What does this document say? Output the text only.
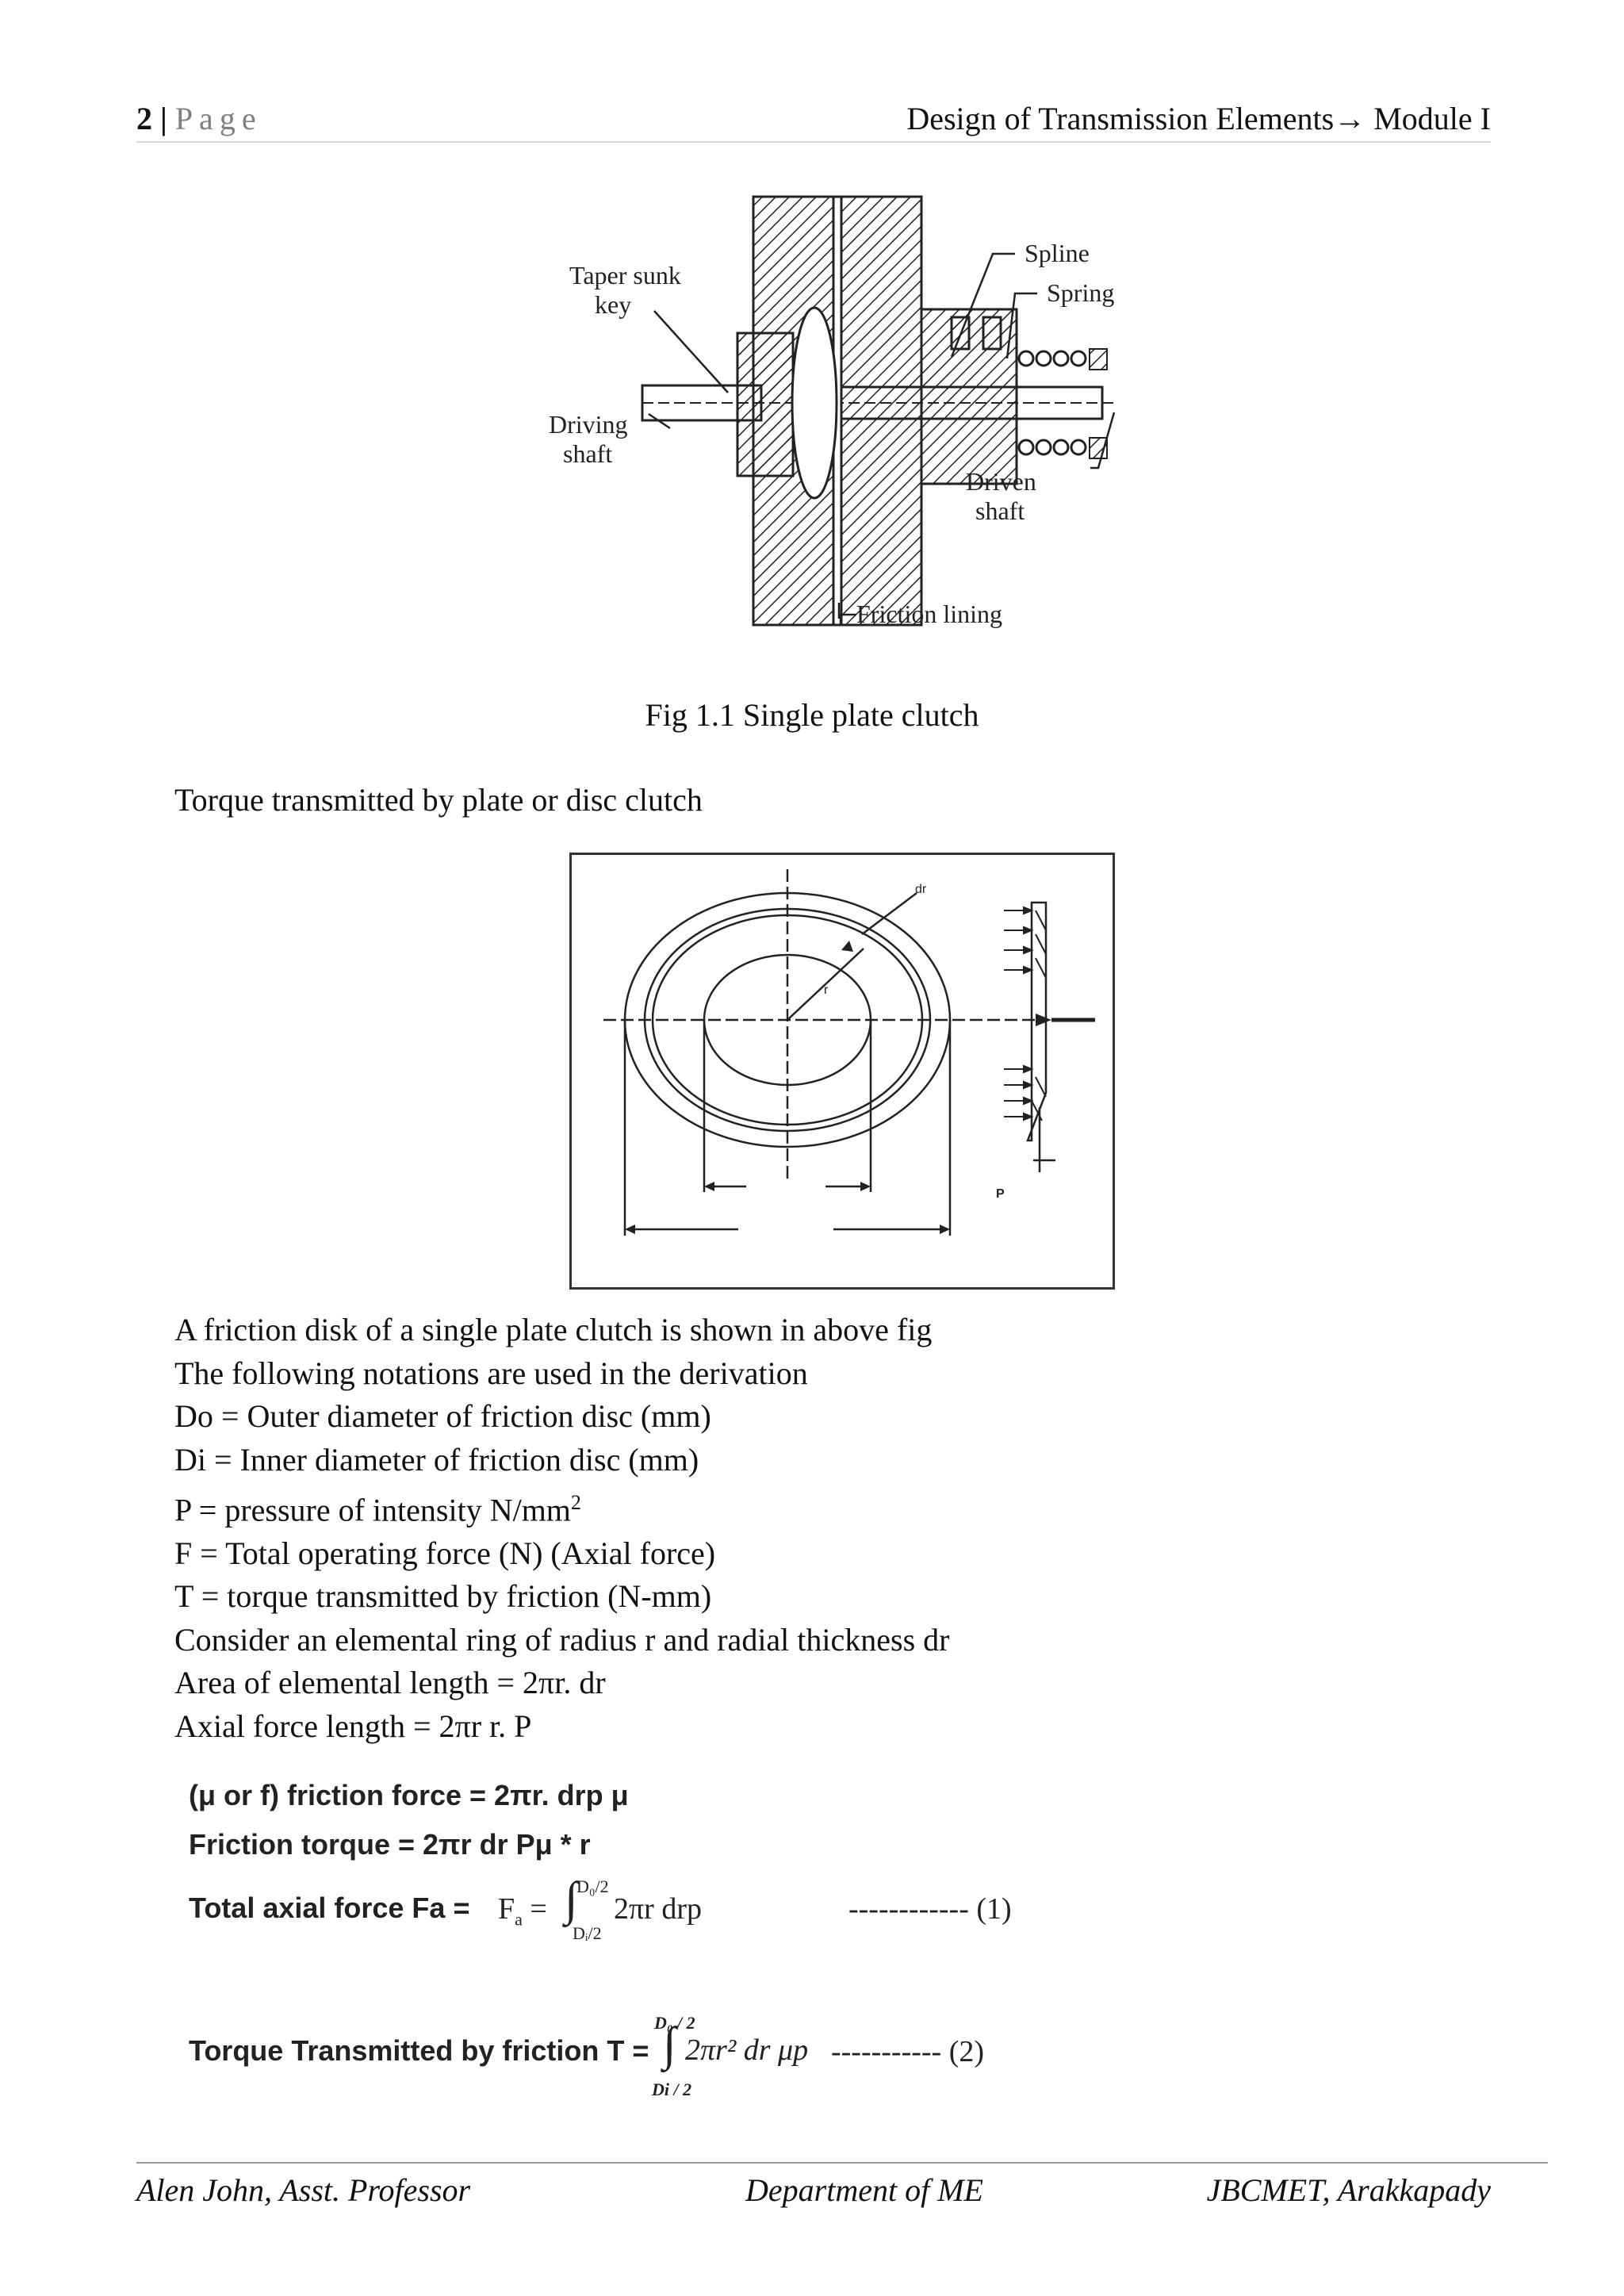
2 | Page	Design of Transmission Elements→ Module I
Taper sunk
key
Driving
shaft
Spline
Spring
Driven
shaft
Friction lining
Fig 1.1 Single plate clutch
Torque transmitted by plate or disc clutch
dr
r
P
A friction disk of a single plate clutch is shown in above fig
The following notations are used in the derivation
Do = Outer diameter of friction disc (mm)
Di = Inner diameter of friction disc (mm)
P = pressure of intensity $N/mm^2$
F = Total operating force (N) (Axial force)
T = torque transmitted by friction (N-mm)
Consider an elemental ring of radius r and radial thickness dr
Area of elemental length = 2πr. dr
Axial force length = 2πr r. P
(μ or f) friction force = 2πr. drp μ
Friction torque = 2πr dr Pμ * r
Total axial force $Fa = F_a$ = ∫
D₀/2
Dᵢ/2
2πr drp	------------ (1)
Torque Transmitted by friction T =
D₀ / 2
∫
Di / 2
2πr² dr μp ----------- (2)
Alen John, Asst. Professor	Department of ME	JBCMET, Arakkapady
